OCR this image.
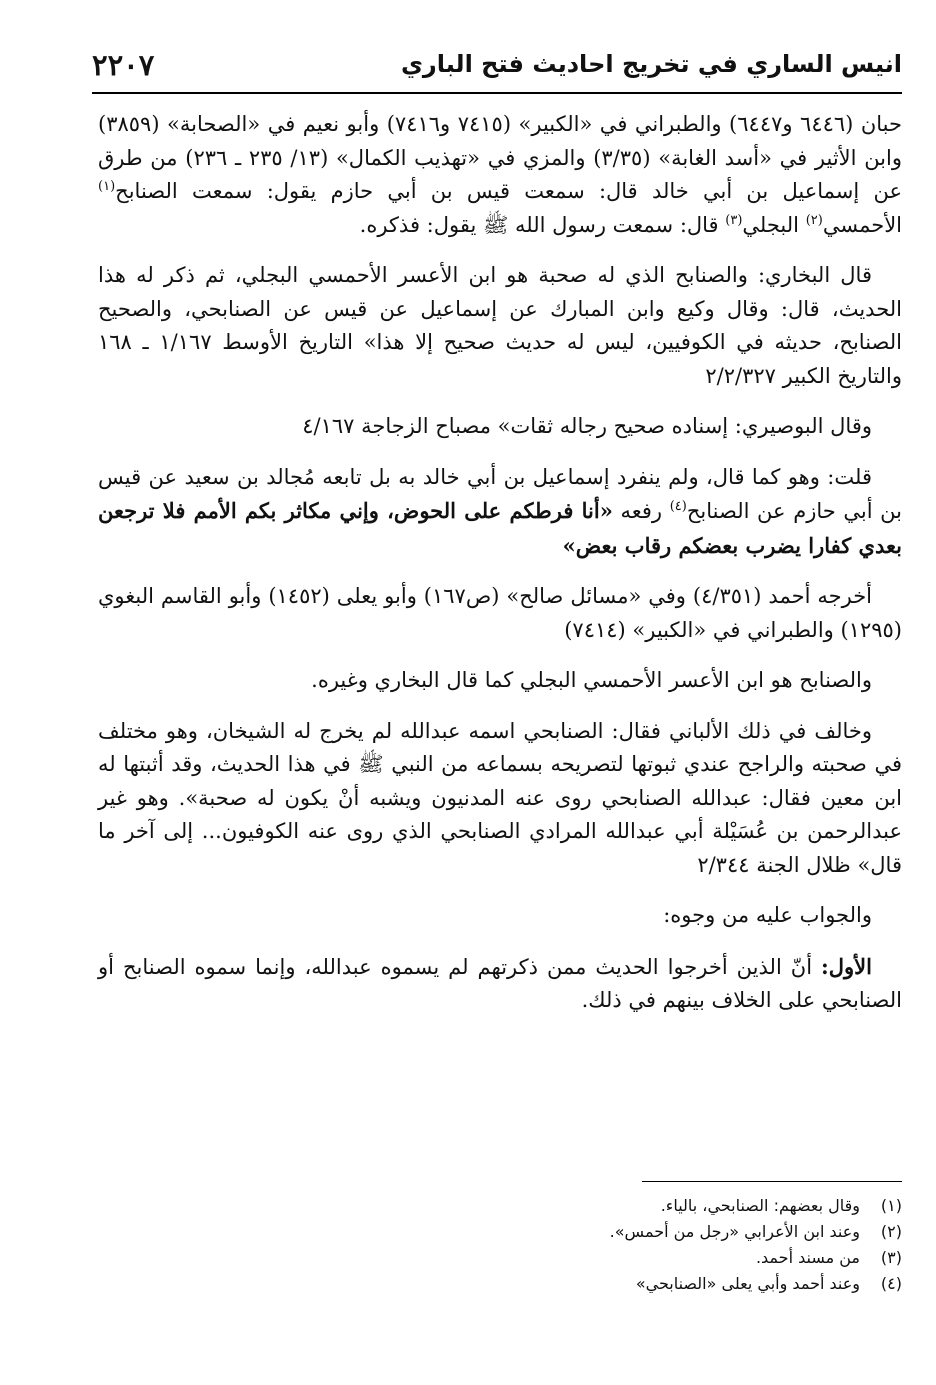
٢٢٠٧	انيس الساري في تخريج احاديث فتح الباري

حبان (٦٤٤٦ و٦٤٤٧) والطبراني في «الكبير» (٧٤١٥ و٧٤١٦) وأبو نعيم في «الصحابة» (٣٨٥٩) وابن الأثير في «أسد الغابة» (٣/٣٥) والمزي في «تهذيب الكمال» (١٣/ ٢٣٥ ـ ٢٣٦) من طرق عن إسماعيل بن أبي خالد قال: سمعت قيس بن أبي حازم يقول: سمعت الصنابح$^{(١)}$ الأحمسي$^{(٢)}$ البجلي$^{(٣)}$ قال: سمعت رسول الله ﷺ يقول: فذكره.

قال البخاري: والصنابح الذي له صحبة هو ابن الأعسر الأحمسي البجلي، ثم ذكر له هذا الحديث، قال: وقال وكيع وابن المبارك عن إسماعيل عن قيس عن الصنابحي، والصحيح الصنابح، حديثه في الكوفيين، ليس له حديث صحيح إلا هذا» التاريخ الأوسط ١/١٦٧ ـ ١٦٨ والتاريخ الكبير ٢/٢/٣٢٧

وقال البوصيري: إسناده صحيح رجاله ثقات» مصباح الزجاجة ٤/١٦٧

قلت: وهو كما قال، ولم ينفرد إسماعيل بن أبي خالد به بل تابعه مُجالد بن سعيد عن قيس بن أبي حازم عن الصنابح$^{(٤)}$ رفعه «أنا فرطكم على الحوض، وإني مكاثر بكم الأمم فلا ترجعن بعدي كفارا يضرب بعضكم رقاب بعض»

أخرجه أحمد (٤/٣٥١) وفي «مسائل صالح» (ص١٦٧) وأبو يعلى (١٤٥٢) وأبو القاسم البغوي (١٢٩٥) والطبراني في «الكبير» (٧٤١٤)

والصنابح هو ابن الأعسر الأحمسي البجلي كما قال البخاري وغيره.

وخالف في ذلك الألباني فقال: الصنابحي اسمه عبدالله لم يخرج له الشيخان، وهو مختلف في صحبته والراجح عندي ثبوتها لتصريحه بسماعه من النبي ﷺ في هذا الحديث، وقد أثبتها له ابن معين فقال: عبدالله الصنابحي روى عنه المدنيون ويشبه أنْ يكون له صحبة». وهو غير عبدالرحمن بن عُسَيْلة أبي عبدالله المرادي الصنابحي الذي روى عنه الكوفيون... إلى آخر ما قال» ظلال الجنة ٢/٣٤٤

والجواب عليه من وجوه:

الأول: أنّ الذين أخرجوا الحديث ممن ذكرتهم لم يسموه عبدالله، وإنما سموه الصنابح أو الصنابحي على الخلاف بينهم في ذلك.

(١)
وقال بعضهم: الصنابحي، بالياء.
(٢)
وعند ابن الأعرابي «رجل من أحمس».
(٣)
من مسند أحمد.
(٤)
وعند أحمد وأبي يعلى «الصنابحي»
